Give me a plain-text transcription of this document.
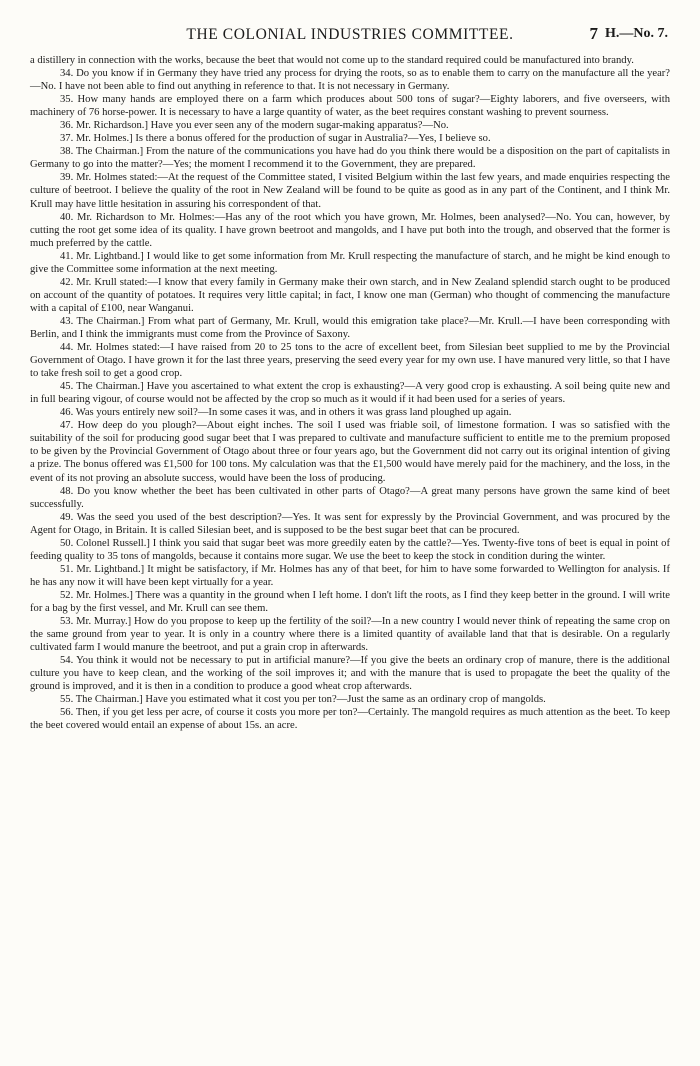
THE COLONIAL INDUSTRIES COMMITTEE.	7 H.—No. 7.

a distillery in connection with the works, because the beet that would not come up to the standard required could be manufactured into brandy.

34. Do you know if in Germany they have tried any process for drying the roots, so as to enable them to carry on the manufacture all the year?—No. I have not been able to find out anything in reference to that. It is not necessary in Germany.

35. How many hands are employed there on a farm which produces about 500 tons of sugar?—Eighty laborers, and five overseers, with machinery of 76 horse-power. It is necessary to have a large quantity of water, as the beet requires constant washing to prevent sourness.

36. Mr. Richardson.] Have you ever seen any of the modern sugar-making apparatus?—No.

37. Mr. Holmes.] Is there a bonus offered for the production of sugar in Australia?—Yes, I believe so.

38. The Chairman.] From the nature of the communications you have had do you think there would be a disposition on the part of capitalists in Germany to go into the matter?—Yes; the moment I recommend it to the Government, they are prepared.

39. Mr. Holmes stated:—At the request of the Committee stated, I visited Belgium within the last few years, and made enquiries respecting the culture of beetroot. I believe the quality of the root in New Zealand will be found to be quite as good as in any part of the Continent, and I think Mr. Krull may have little hesitation in assuring his correspondent of that.

40. Mr. Richardson to Mr. Holmes:—Has any of the root which you have grown, Mr. Holmes, been analysed?—No. You can, however, by cutting the root get some idea of its quality. I have grown beetroot and mangolds, and I have put both into the trough, and observed that the former is much preferred by the cattle.

41. Mr. Lightband.] I would like to get some information from Mr. Krull respecting the manufacture of starch, and he might be kind enough to give the Committee some information at the next meeting.

42. Mr. Krull stated:—I know that every family in Germany make their own starch, and in New Zealand splendid starch ought to be produced on account of the quantity of potatoes. It requires very little capital; in fact, I know one man (German) who thought of commencing the manufacture with a capital of £100, near Wanganui.

43. The Chairman.] From what part of Germany, Mr. Krull, would this emigration take place?—Mr. Krull.—I have been corresponding with Berlin, and I think the immigrants must come from the Province of Saxony.

44. Mr. Holmes stated:—I have raised from 20 to 25 tons to the acre of excellent beet, from Silesian beet supplied to me by the Provincial Government of Otago. I have grown it for the last three years, preserving the seed every year for my own use. I have manured very little, so that I have to take fresh soil to get a good crop.

45. The Chairman.] Have you ascertained to what extent the crop is exhausting?—A very good crop is exhausting. A soil being quite new and in full bearing vigour, of course would not be affected by the crop so much as it would if it had been used for a series of years.

46. Was yours entirely new soil?—In some cases it was, and in others it was grass land ploughed up again.

47. How deep do you plough?—About eight inches. The soil I used was friable soil, of limestone formation. I was so satisfied with the suitability of the soil for producing good sugar beet that I was prepared to cultivate and manufacture sufficient to entitle me to the premium proposed to be given by the Provincial Government of Otago about three or four years ago, but the Government did not carry out its original intention of giving a prize. The bonus offered was £1,500 for 100 tons. My calculation was that the £1,500 would have merely paid for the machinery, and the loss, in the event of its not proving an absolute success, would have been the loss of producing.

48. Do you know whether the beet has been cultivated in other parts of Otago?—A great many persons have grown the same kind of beet successfully.

49. Was the seed you used of the best description?—Yes. It was sent for expressly by the Provincial Government, and was procured by the Agent for Otago, in Britain. It is called Silesian beet, and is supposed to be the best sugar beet that can be procured.

50. Colonel Russell.] I think you said that sugar beet was more greedily eaten by the cattle?—Yes. Twenty-five tons of beet is equal in point of feeding quality to 35 tons of mangolds, because it contains more sugar. We use the beet to keep the stock in condition during the winter.

51. Mr. Lightband.] It might be satisfactory, if Mr. Holmes has any of that beet, for him to have some forwarded to Wellington for analysis. If he has any now it will have been kept virtually for a year.

52. Mr. Holmes.] There was a quantity in the ground when I left home. I don't lift the roots, as I find they keep better in the ground. I will write for a bag by the first vessel, and Mr. Krull can see them.

53. Mr. Murray.] How do you propose to keep up the fertility of the soil?—In a new country I would never think of repeating the same crop on the same ground from year to year. It is only in a country where there is a limited quantity of available land that that is desirable. On a regularly cultivated farm I would manure the beetroot, and put a grain crop in afterwards.

54. You think it would not be necessary to put in artificial manure?—If you give the beets an ordinary crop of manure, there is the additional culture you have to keep clean, and the working of the soil improves it; and with the manure that is used to propagate the beet the quality of the ground is improved, and it is then in a condition to produce a good wheat crop afterwards.

55. The Chairman.] Have you estimated what it cost you per ton?—Just the same as an ordinary crop of mangolds.

56. Then, if you get less per acre, of course it costs you more per ton?—Certainly. The mangold requires as much attention as the beet. To keep the beet covered would entail an expense of about 15s. an acre.
